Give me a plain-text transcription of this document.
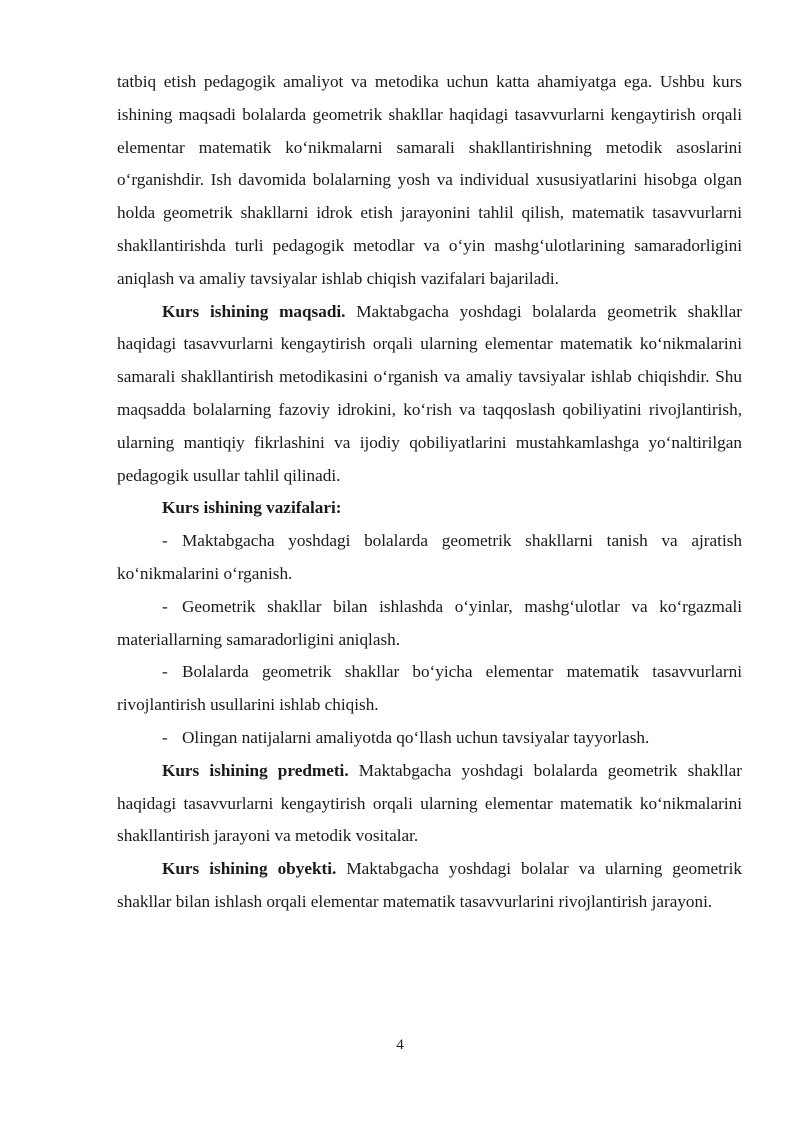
tatbiq etish pedagogik amaliyot va metodika uchun katta ahamiyatga ega. Ushbu kurs ishining maqsadi bolalarda geometrik shakllar haqidagi tasavvurlarni kengaytirish orqali elementar matematik ko‘nikmalarni samarali shakllantirishning metodik asoslarini o‘rganishdir. Ish davomida bolalarning yosh va individual xususiyatlarini hisobga olgan holda geometrik shakllarni idrok etish jarayonini tahlil qilish, matematik tasavvurlarni shakllantirishda turli pedagogik metodlar va o‘yin mashg‘ulotlarining samaradorligini aniqlash va amaliy tavsiyalar ishlab chiqish vazifalari bajariladi.

Kurs ishining maqsadi. Maktabgacha yoshdagi bolalarda geometrik shakllar haqidagi tasavvurlarni kengaytirish orqali ularning elementar matematik ko‘nikmalarini samarali shakllantirish metodikasini o‘rganish va amaliy tavsiyalar ishlab chiqishdir. Shu maqsadda bolalarning fazoviy idrokini, ko‘rish va taqqoslash qobiliyatini rivojlantirish, ularning mantiqiy fikrlashini va ijodiy qobiliyatlarini mustahkamlashga yo‘naltirilgan pedagogik usullar tahlil qilinadi.

Kurs ishining vazifalari:

- Maktabgacha yoshdagi bolalarda geometrik shakllarni tanish va ajratish ko‘nikmalarini o‘rganish.

- Geometrik shakllar bilan ishlashda o‘yinlar, mashg‘ulotlar va ko‘rgazmali materiallarning samaradorligini aniqlash.

- Bolalarda geometrik shakllar bo‘yicha elementar matematik tasavvurlarni rivojlantirish usullarini ishlab chiqish.

- Olingan natijalarni amaliyotda qo‘llash uchun tavsiyalar tayyorlash.

Kurs ishining predmeti. Maktabgacha yoshdagi bolalarda geometrik shakllar haqidagi tasavvurlarni kengaytirish orqali ularning elementar matematik ko‘nikmalarini shakllantirish jarayoni va metodik vositalar.

Kurs ishining obyekti. Maktabgacha yoshdagi bolalar va ularning geometrik shakllar bilan ishlash orqali elementar matematik tasavvurlarini rivojlantirish jarayoni.

4
